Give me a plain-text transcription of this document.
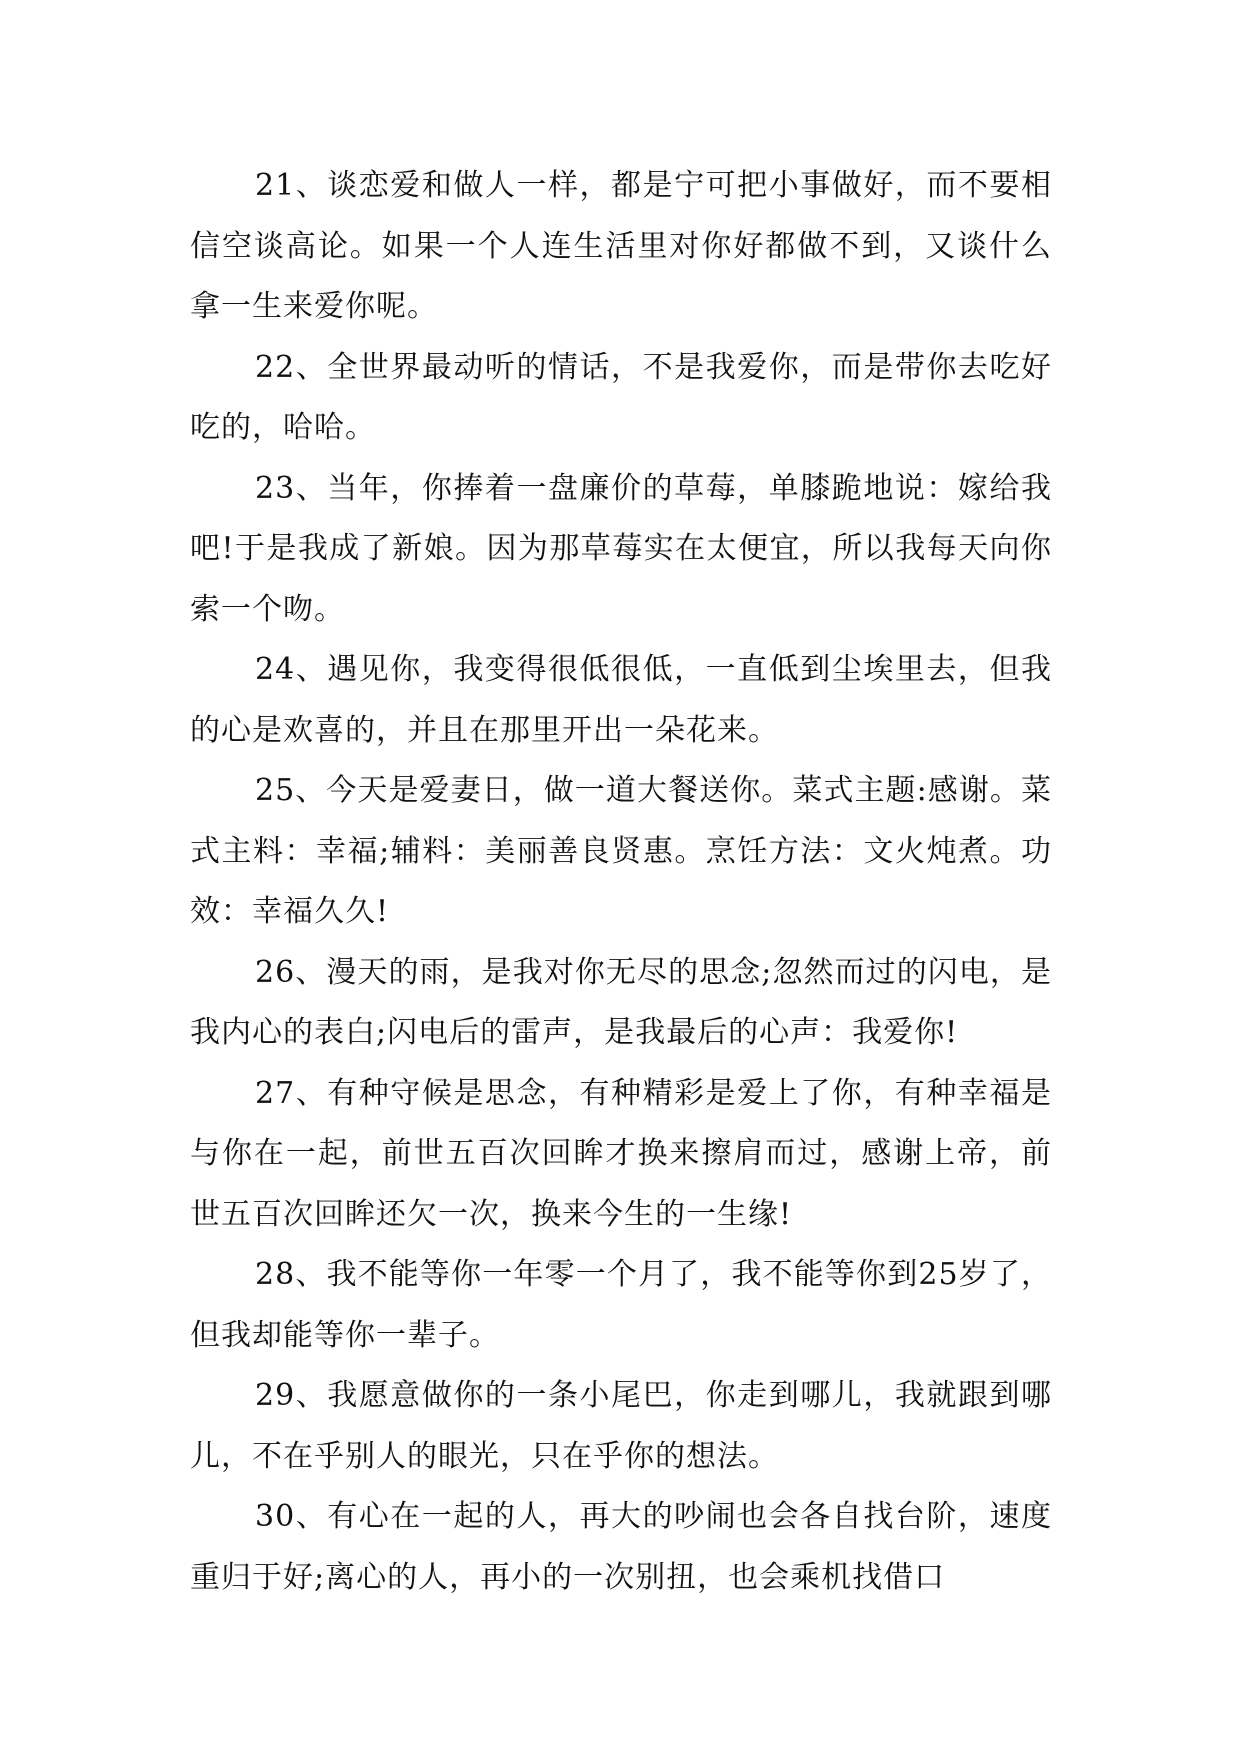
21、谈恋爱和做人一样，都是宁可把小事做好，而不要相信空谈高论。如果一个人连生活里对你好都做不到，又谈什么拿一生来爱你呢。

22、全世界最动听的情话，不是我爱你，而是带你去吃好吃的，哈哈。

23、当年，你捧着一盘廉价的草莓，单膝跪地说：嫁给我吧!于是我成了新娘。因为那草莓实在太便宜，所以我每天向你索一个吻。

24、遇见你，我变得很低很低，一直低到尘埃里去，但我的心是欢喜的，并且在那里开出一朵花来。

25、今天是爱妻日，做一道大餐送你。菜式主题:感谢。菜式主料：幸福;辅料：美丽善良贤惠。烹饪方法：文火炖煮。功效：幸福久久!

26、漫天的雨，是我对你无尽的思念;忽然而过的闪电，是我内心的表白;闪电后的雷声，是我最后的心声：我爱你!

27、有种守候是思念，有种精彩是爱上了你，有种幸福是与你在一起，前世五百次回眸才换来擦肩而过，感谢上帝，前世五百次回眸还欠一次，换来今生的一生缘!

28、我不能等你一年零一个月了，我不能等你到25岁了，但我却能等你一辈子。

29、我愿意做你的一条小尾巴，你走到哪儿，我就跟到哪儿，不在乎别人的眼光，只在乎你的想法。

30、有心在一起的人，再大的吵闹也会各自找台阶，速度重归于好;离心的人，再小的一次别扭，也会乘机找借口
